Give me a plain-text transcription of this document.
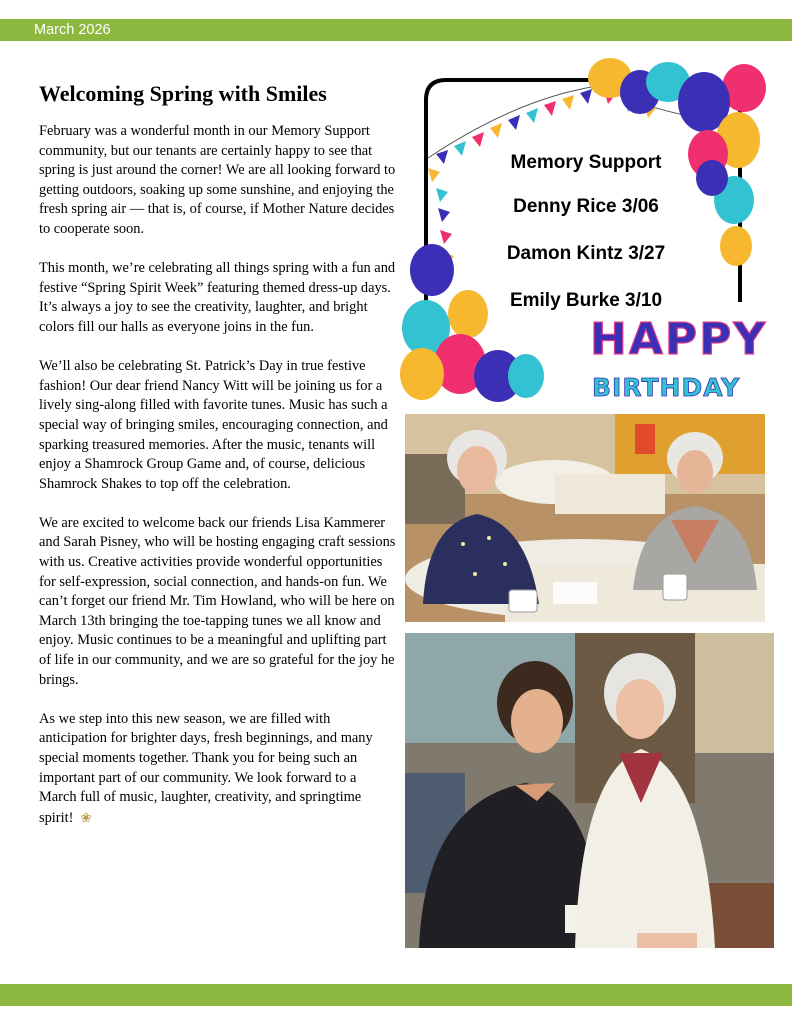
March 2026
Welcoming Spring with Smiles

February was a wonderful month in our Memory Support community, but our tenants are certainly happy to see that spring is just around the corner! We are all looking forward to getting outdoors, soaking up some sunshine, and enjoying the fresh spring air — that is, of course, if Mother Nature decides to cooperate soon.

This month, we’re celebrating all things spring with a fun and festive “Spring Spirit Week” featuring themed dress-up days. It’s always a joy to see the creativity, laughter, and bright colors fill our halls as everyone joins in the fun.

We’ll also be celebrating St. Patrick’s Day in true festive fashion! Our dear friend Nancy Witt will be joining us for a lively sing-along filled with favorite tunes. Music has such a special way of bringing smiles, encouraging connection, and sparking treasured memories. After the music, tenants will enjoy a Shamrock Group Game and, of course, delicious Shamrock Shakes to top off the celebration.

We are excited to welcome back our friends Lisa Kammerer and Sarah Pisney, who will be hosting engaging craft sessions with us. Creative activities provide wonderful opportunities for self-expression, social connection, and hands-on fun. We can’t forget our friend Mr. Tim Howland, who will be here on March 13th bringing the toe-tapping tunes we all know and enjoy. Music continues to be a meaningful and uplifting part of life in our community, and we are so grateful for the joy he brings.

As we step into this new season, we are filled with anticipation for brighter days, fresh beginnings, and many special moments together. Thank you for being such an important part of our community. We look forward to a March full of music, laughter, creativity, and springtime spirit! ❀

HAPPY
BIRTHDAY
Memory Support
Denny Rice 3/06
Damon Kintz 3/27
Emily Burke 3/10
